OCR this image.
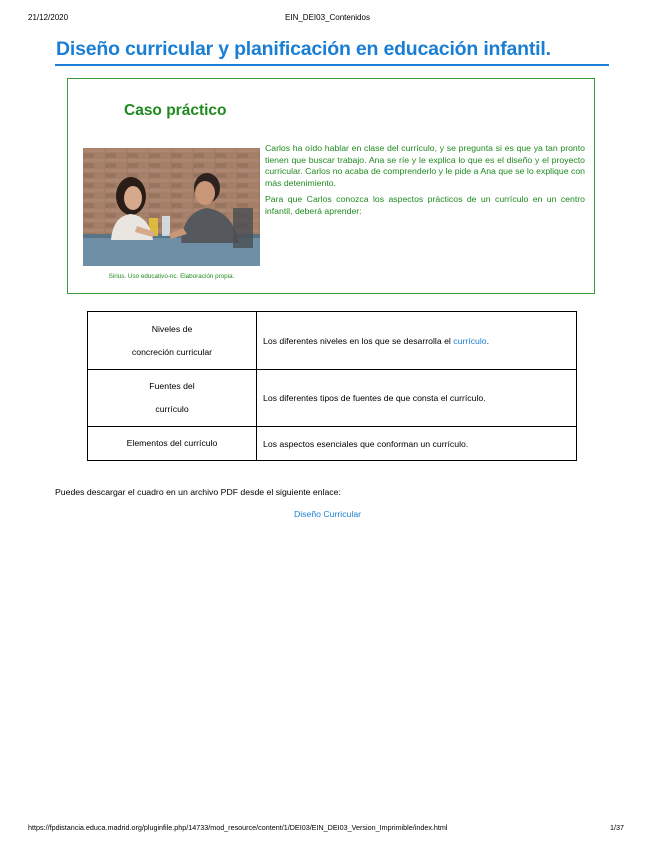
21/12/2020	EIN_DEI03_Contenidos
Diseño curricular y planificación en educación infantil.
Caso práctico
Sirius. Uso educativo-nc. Elaboración propia.

Carlos ha oído hablar en clase del currículo, y se pregunta si es que ya tan pronto tienen que buscar trabajo. Ana se ríe y le explica lo que es el diseño y el proyecto curricular. Carlos no acaba de comprenderlo y le pide a Ana que se lo explique con más detenimiento.

Para que Carlos conozca los aspectos prácticos de un currículo en un centro infantil, deberá aprender:

Niveles de
concreción curricular	Los diferentes niveles en los que se desarrolla el currículo.
Fuentes del
currículo	Los diferentes tipos de fuentes de que consta el currículo.
Elementos del currículo	Los aspectos esenciales que conforman un currículo.
Puedes descargar el cuadro en un archivo PDF desde el siguiente enlace:
Diseño Curricular
https://fpdistancia.educa.madrid.org/pluginfile.php/14733/mod_resource/content/1/DEI03/EIN_DEI03_Version_Imprimible/index.html	1/37
